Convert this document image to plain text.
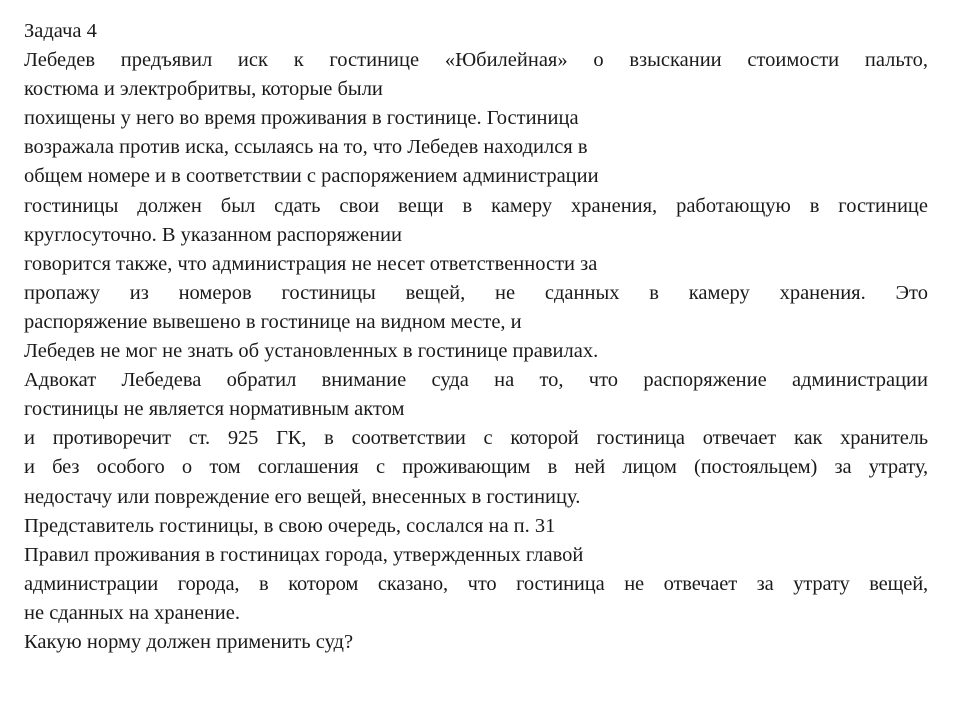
Задача 4
Лебедев предъявил иск к гостинице «Юбилейная» о взыскании стоимости пальто,
костюма и электробритвы, которые были
похищены у него во время проживания в гостинице. Гостиница
возражала против иска, ссылаясь на то, что Лебедев находился в
общем номере и в соответствии с распоряжением администрации
гостиницы должен был сдать свои вещи в камеру хранения, работающую в гостинице
круглосуточно. В указанном распоряжении
говорится также, что администрация не несет ответственности за
пропажу из номеров гостиницы вещей, не сданных в камеру хранения. Это
распоряжение вывешено в гостинице на видном месте, и
Лебедев не мог не знать об установленных в гостинице правилах.
Адвокат Лебедева обратил внимание суда на то, что распоряжение администрации
гостиницы не является нормативным актом
и противоречит ст. 925 ГК, в соответствии с которой гостиница отвечает как хранитель
и без особого о том соглашения с проживающим в ней лицом (постояльцем) за утрату,
недостачу или повреждение его вещей, внесенных в гостиницу.
Представитель гостиницы, в свою очередь, сослался на п. 31
Правил проживания в гостиницах города, утвержденных главой
администрации города, в котором сказано, что гостиница не отвечает за утрату вещей,
не сданных на хранение.
Какую норму должен применить суд?
